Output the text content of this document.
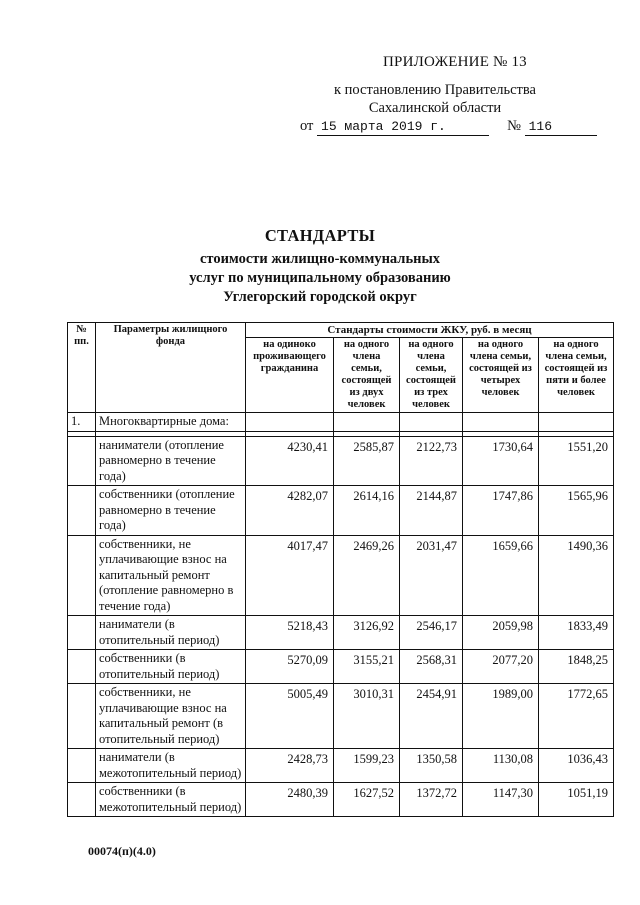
ПРИЛОЖЕНИЕ № 13
к постановлению Правительства
Сахалинской области
от 15 марта 2019 г.	№ 116
СТАНДАРТЫ
стоимости жилищно-коммунальных
услуг по муниципальному образованию
Углегорский городской округ
№ пп.	Параметры жилищного фонда	Стандарты стоимости ЖКУ, руб. в месяц				
		на одиноко проживающего гражданина	на одного члена семьи, состоящей из двух человек	на одного члена семьи, состоящей из трех человек	на одного члена семьи, состоящей из четырех человек	на одного члена семьи, состоящей из пяти и более человек
1.	Многоквартирные дома:					

	наниматели (отопление равномерно в течение года)	4230,41	2585,87	2122,73	1730,64	1551,20
	собственники (отопление равномерно в течение года)	4282,07	2614,16	2144,87	1747,86	1565,96
	собственники, не уплачивающие взнос на капитальный ремонт (отопление равномерно в течение года)	4017,47	2469,26	2031,47	1659,66	1490,36
	наниматели (в отопительный период)	5218,43	3126,92	2546,17	2059,98	1833,49
	собственники (в отопительный период)	5270,09	3155,21	2568,31	2077,20	1848,25
	собственники, не уплачивающие взнос на капитальный ремонт (в отопительный период)	5005,49	3010,31	2454,91	1989,00	1772,65
	наниматели (в межотопительный период)	2428,73	1599,23	1350,58	1130,08	1036,43
	собственники (в межотопительный период)	2480,39	1627,52	1372,72	1147,30	1051,19
00074(п)(4.0)
